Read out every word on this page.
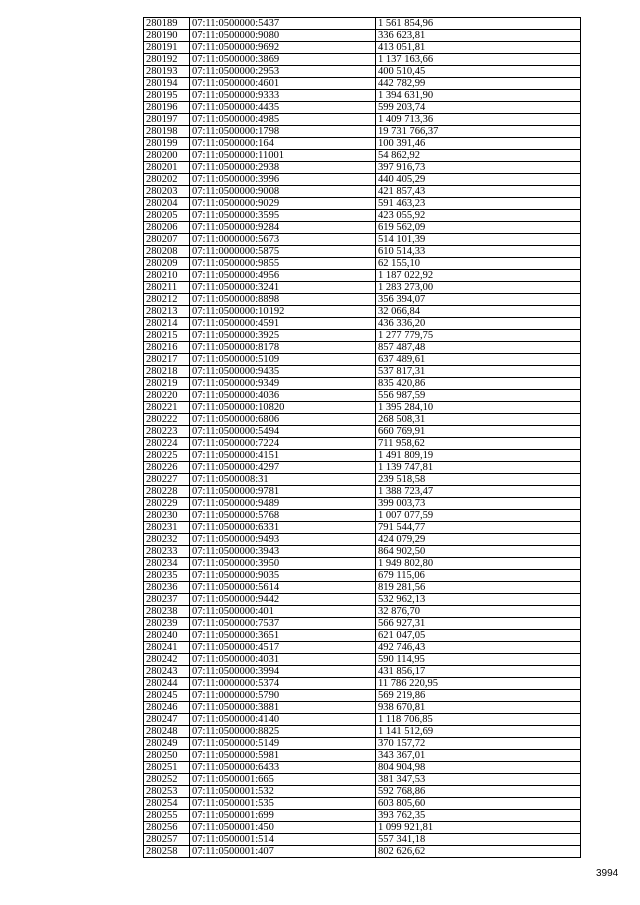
280189	07:11:0500000:5437	1 561 854,96
280190	07:11:0500000:9080	336 623,81
280191	07:11:0500000:9692	413 051,81
280192	07:11:0500000:3869	1 137 163,66
280193	07:11:0500000:2953	400 510,45
280194	07:11:0500000:4601	442 782,99
280195	07:11:0500000:9333	1 394 631,90
280196	07:11:0500000:4435	599 203,74
280197	07:11:0500000:4985	1 409 713,36
280198	07:11:0500000:1798	19 731 766,37
280199	07:11:0500000:164	100 391,46
280200	07:11:0500000:11001	54 862,92
280201	07:11:0500000:2938	397 916,73
280202	07:11:0500000:3996	440 405,29
280203	07:11:0500000:9008	421 857,43
280204	07:11:0500000:9029	591 463,23
280205	07:11:0500000:3595	423 055,92
280206	07:11:0500000:9284	619 562,09
280207	07:11:0000000:5673	514 101,39
280208	07:11:0000000:5875	610 514,33
280209	07:11:0500000:9855	62 155,10
280210	07:11:0500000:4956	1 187 022,92
280211	07:11:0500000:3241	1 283 273,00
280212	07:11:0500000:8898	356 394,07
280213	07:11:0500000:10192	32 066,84
280214	07:11:0500000:4591	436 336,20
280215	07:11:0500000:3925	1 277 779,75
280216	07:11:0500000:8178	857 487,48
280217	07:11:0500000:5109	637 489,61
280218	07:11:0500000:9435	537 817,31
280219	07:11:0500000:9349	835 420,86
280220	07:11:0500000:4036	556 987,59
280221	07:11:0500000:10820	1 395 284,10
280222	07:11:0500000:6806	268 508,31
280223	07:11:0500000:5494	660 769,91
280224	07:11:0500000:7224	711 958,62
280225	07:11:0500000:4151	1 491 809,19
280226	07:11:0500000:4297	1 139 747,81
280227	07:11:0500008:31	239 518,58
280228	07:11:0500000:9781	1 388 723,47
280229	07:11:0500000:9489	399 003,73
280230	07:11:0500000:5768	1 007 077,59
280231	07:11:0500000:6331	791 544,77
280232	07:11:0500000:9493	424 079,29
280233	07:11:0500000:3943	864 902,50
280234	07:11:0500000:3950	1 949 802,80
280235	07:11:0500000:9035	679 115,06
280236	07:11:0500000:5614	819 281,56
280237	07:11:0500000:9442	532 962,13
280238	07:11:0500000:401	32 876,70
280239	07:11:0500000:7537	566 927,31
280240	07:11:0500000:3651	621 047,05
280241	07:11:0500000:4517	492 746,43
280242	07:11:0500000:4031	590 114,95
280243	07:11:0500000:3994	431 856,17
280244	07:11:0000000:5374	11 786 220,95
280245	07:11:0000000:5790	569 219,86
280246	07:11:0500000:3881	938 670,81
280247	07:11:0500000:4140	1 118 706,85
280248	07:11:0500000:8825	1 141 512,69
280249	07:11:0500000:5149	370 157,72
280250	07:11:0500000:5981	343 367,01
280251	07:11:0500000:6433	804 904,98
280252	07:11:0500001:665	381 347,53
280253	07:11:0500001:532	592 768,86
280254	07:11:0500001:535	603 805,60
280255	07:11:0500001:699	393 762,35
280256	07:11:0500001:450	1 099 921,81
280257	07:11:0500001:514	557 341,18
280258	07:11:0500001:407	802 626,62
3994
